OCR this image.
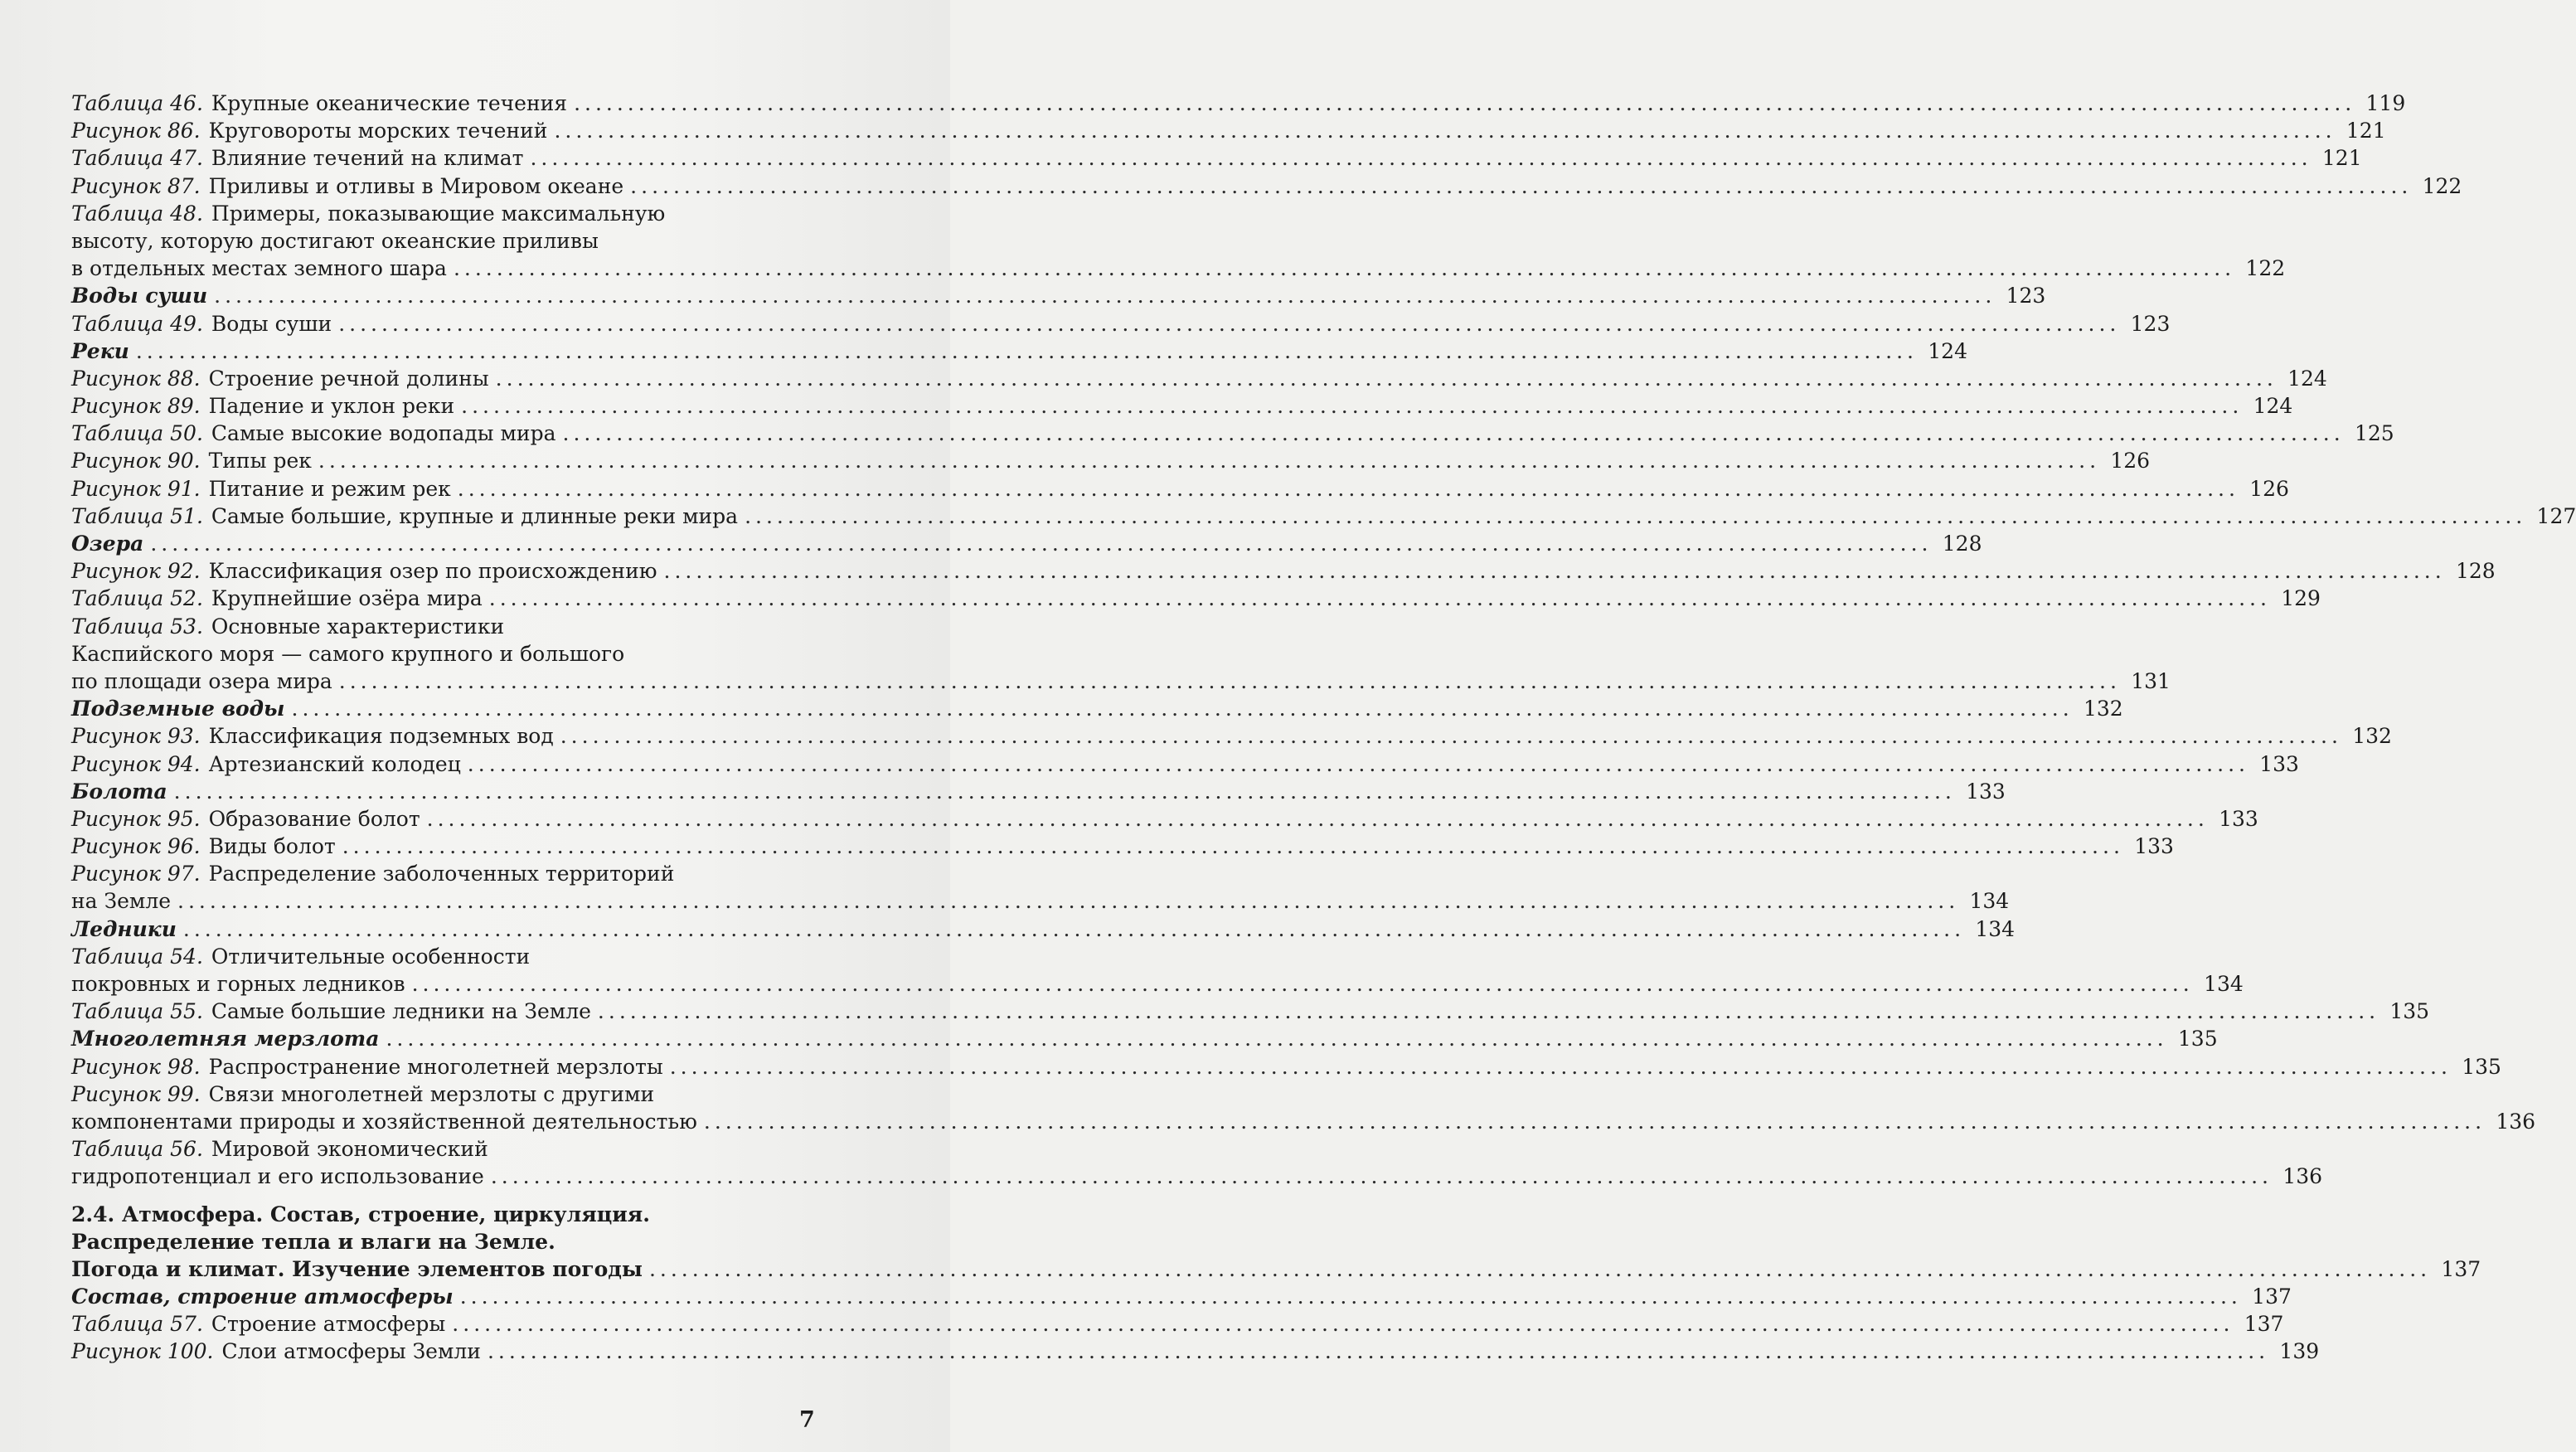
Таблица 46. Крупные океанические течения .....	119
Рисунок 86. Круговороты морских течений .....	121
Таблица 47. Влияние течений на климат .....	121
Рисунок 87. Приливы и отливы в Мировом океане .....	122
Таблица 48. Примеры, показывающие максимальную
высоту, которую достигают океанские приливы
в отдельных местах земного шара .....	122
Воды суши .....	123
Таблица 49. Воды суши .....	123
Реки .....	124
Рисунок 88. Строение речной долины .....	124
Рисунок 89. Падение и уклон реки .....	124
Таблица 50. Самые высокие водопады мира .....	125
Рисунок 90. Типы рек .....	126
Рисунок 91. Питание и режим рек .....	126
Таблица 51. Самые большие, крупные и длинные реки мира .....	127
Озера .....	128
Рисунок 92. Классификация озер по происхождению .....	128
Таблица 52. Крупнейшие озёра мира .....	129
Таблица 53. Основные характеристики
Каспийского моря — самого крупного и большого
по площади озера мира .....	131
Подземные воды .....	132
Рисунок 93. Классификация подземных вод .....	132
Рисунок 94. Артезианский колодец .....	133
Болота .....	133
Рисунок 95. Образование болот .....	133
Рисунок 96. Виды болот .....	133
Рисунок 97. Распределение заболоченных территорий
на Земле .....	134
Ледники .....	134
Таблица 54. Отличительные особенности
покровных и горных ледников .....	134
Таблица 55. Самые большие ледники на Земле .....	135
Многолетняя мерзлота .....	135
Рисунок 98. Распространение многолетней мерзлоты .....	135
Рисунок 99. Связи многолетней мерзлоты с другими
компонентами природы и хозяйственной деятельностью .....	136
Таблица 56. Мировой экономический
гидропотенциал и его использование .....	136
2.4. Атмосфера. Состав, строение, циркуляция.
Распределение тепла и влаги на Земле.
Погода и климат. Изучение элементов погоды .....	137
Состав, строение атмосферы .....	137
Таблица 57. Строение атмосферы .....	137
Рисунок 100. Слои атмосферы Земли .....	139
7
